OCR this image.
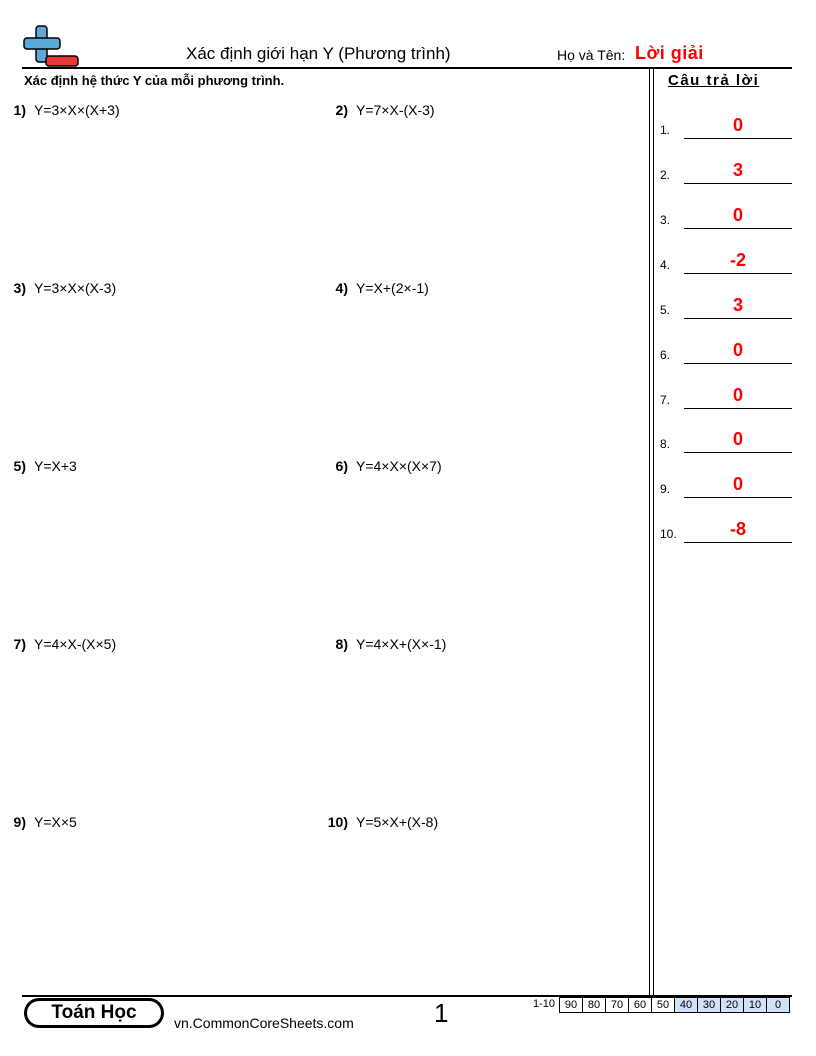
Xác định giới hạn Y (Phương trình)	Họ và Tên: Lời giải
Xác định hệ thức Y của mỗi phương trình.	Câu trả lời
1) Y=3×X×(X+3)	2) Y=7×X-(X-3)
3) Y=3×X×(X-3)	4) Y=X+(2×-1)
5) Y=X+3	6) Y=4×X×(X×7)
7) Y=4×X-(X×5)	8) Y=4×X+(X×-1)
9) Y=X×5	10) Y=5×X+(X-8)
1.	0
2.	3
3.	0
4.	-2
5.	3
6.	0
7.	0
8.	0
9.	0
10.	-8
Toán Học	vn.CommonCoreSheets.com	1	1-10 90 80 70 60 50 40 30 20 10	0
